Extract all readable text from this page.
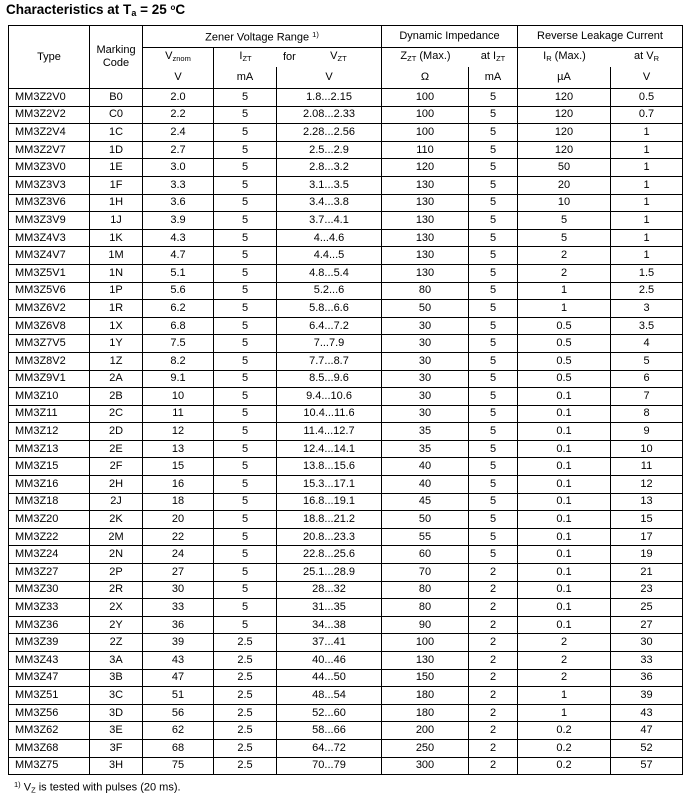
Characteristics at $T_a = 25$ $^o$C
Type	Marking Code	Zener Voltage Range $^{1)}$			Dynamic Impedance		Reverse Leakage Current	
		$V_{znom}$	$I_{ZT}$ for $V_{ZT}$		$Z_{ZT}$ (Max.) at $I_{ZT}$		$I_R$ (Max.) at $V_R$

		V	mA	V	Ω	mA	µA	V
MM3Z2V0	B0	2.0	5	1.8...2.15	100	5	120	0.5
MM3Z2V2	C0	2.2	5	2.08...2.33	100	5	120	0.7
MM3Z2V4	1C	2.4	5	2.28...2.56	100	5	120	1
MM3Z2V7	1D	2.7	5	2.5...2.9	110	5	120	1
MM3Z3V0	1E	3.0	5	2.8...3.2	120	5	50	1
MM3Z3V3	1F	3.3	5	3.1...3.5	130	5	20	1
MM3Z3V6	1H	3.6	5	3.4...3.8	130	5	10	1
MM3Z3V9	1J	3.9	5	3.7...4.1	130	5	5	1
MM3Z4V3	1K	4.3	5	4...4.6	130	5	5	1
MM3Z4V7	1M	4.7	5	4.4...5	130	5	2	1
MM3Z5V1	1N	5.1	5	4.8...5.4	130	5	2	1.5
MM3Z5V6	1P	5.6	5	5.2...6	80	5	1	2.5
MM3Z6V2	1R	6.2	5	5.8...6.6	50	5	1	3
MM3Z6V8	1X	6.8	5	6.4...7.2	30	5	0.5	3.5
MM3Z7V5	1Y	7.5	5	7...7.9	30	5	0.5	4
MM3Z8V2	1Z	8.2	5	7.7...8.7	30	5	0.5	5
MM3Z9V1	2A	9.1	5	8.5...9.6	30	5	0.5	6
MM3Z10	2B	10	5	9.4...10.6	30	5	0.1	7
MM3Z11	2C	11	5	10.4...11.6	30	5	0.1	8
MM3Z12	2D	12	5	11.4...12.7	35	5	0.1	9
MM3Z13	2E	13	5	12.4...14.1	35	5	0.1	10
MM3Z15	2F	15	5	13.8...15.6	40	5	0.1	11
MM3Z16	2H	16	5	15.3...17.1	40	5	0.1	12
MM3Z18	2J	18	5	16.8...19.1	45	5	0.1	13
MM3Z20	2K	20	5	18.8...21.2	50	5	0.1	15
MM3Z22	2M	22	5	20.8...23.3	55	5	0.1	17
MM3Z24	2N	24	5	22.8...25.6	60	5	0.1	19
MM3Z27	2P	27	5	25.1...28.9	70	2	0.1	21
MM3Z30	2R	30	5	28...32	80	2	0.1	23
MM3Z33	2X	33	5	31...35	80	2	0.1	25
MM3Z36	2Y	36	5	34...38	90	2	0.1	27
MM3Z39	2Z	39	2.5	37...41	100	2	2	30
MM3Z43	3A	43	2.5	40...46	130	2	2	33
MM3Z47	3B	47	2.5	44...50	150	2	2	36
MM3Z51	3C	51	2.5	48...54	180	2	1	39
MM3Z56	3D	56	2.5	52...60	180	2	1	43
MM3Z62	3E	62	2.5	58...66	200	2	0.2	47
MM3Z68	3F	68	2.5	64...72	250	2	0.2	52
MM3Z75	3H	75	2.5	70...79	300	2	0.2	57
$^{1)}$ $V_Z$ is tested with pulses (20 ms).
